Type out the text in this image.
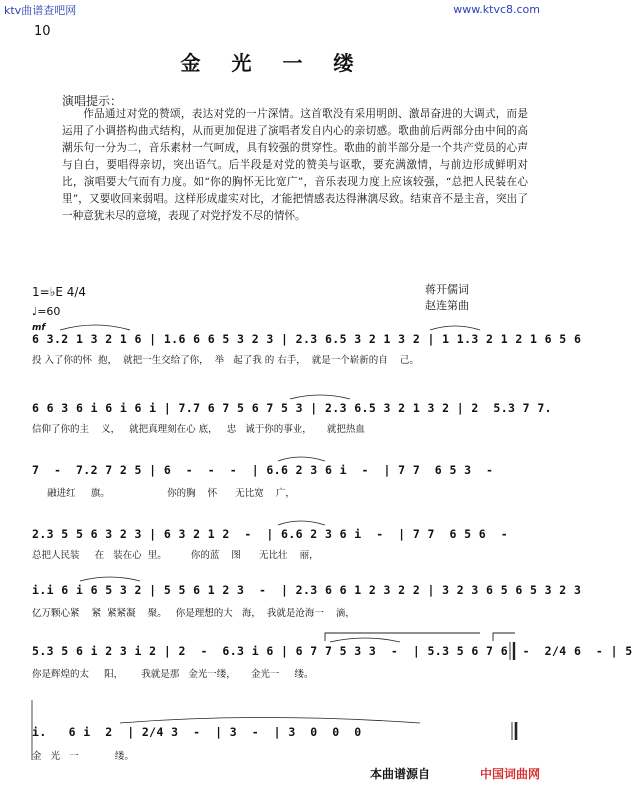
ktv曲谱查吧网	www.ktvc8.com
10
金 光 一 缕
演唱提示：
作品通过对党的赞颂，表达对党的一片深情。这首歌没有采用明朗、激昂奋进的大调式，而是运用了小调搭构曲式结构，从而更加促进了演唱者发自内心的亲切感。歌曲前后两部分由中间的高潮乐句一分为二，音乐素材一气呵成，具有较强的贯穿性。歌曲的前半部分是一个共产党员的心声与自白，要唱得亲切，突出语气。后半段是对党的赞美与讴歌，要充满激情，与前边形成鲜明对比，演唱要大气而有力度。如“你的胸怀无比宽广”，音乐表现力度上应该较强，“总把人民装在心里”，又要收回来弱唱。这样形成虚实对比，才能把情感表达得淋漓尽致。结束音不是主音，突出了一种意犹未尽的意境，表现了对党抒发不尽的情怀。
蒋开儒词
赵连第曲
1=♭E 4/4
♩=60
mf
6 3.2 1 3 2 1 6 | 1.6 6 6 5 3 2 3 | 2.3 6.5 3 2 1 3 2 | 1 1.3 2 1 2 1 6 5 6
投 入了你的怀  抱，  就把一生交给了你，  举   起了我 的 右手，  就是一个崭新的自    己。
6 6 3 6 i 6 i 6 i | 7.7 6 7 5 6 7 5 3 | 2.3 6.5 3 2 1 3 2 | 2  5.3 7 7.
信仰了你的主    义，   就把真理刻在心 底，   忠   诚于你的事业，     就把热血
7  -  7.2 7 2 5 | 6  -  -  -  | 6.6 2 3 6 i  -  | 7 7  6 5 3  -
融进红     旗。                   你的胸    怀      无比宽    广，
2.3 5 5 6 3 2 3 | 6 3 2 1 2  -  | 6.6 2 3 6 i  -  | 7 7  6 5 6  -
总把人民装     在   装在心  里。        你的蓝    图      无比壮    丽，
i.i 6 i 6 5 3 2 | 5 5 6 1 2 3  -  | 2.3 6 6 1 2 3 2 2 | 3 2 3 6 5 6 5 3 2 3
亿万颗心紧    紧  紧紧凝    聚。   你是理想的大   海，  我就是沧海一    滴，
5.3 5 6 i 2 3 i 2 | 2  -  6.3 i 6 | 6 7 7 5 3 3  -  | 5.3 5 6 7 6  -  2/4 6  - | 5
你是辉煌的太     阳，      我就是那   金光一缕，     金光一     缕。
i.   6 i  2  | 2/4 3  -  | 3  -  | 3  0  0  0
金   光   一            缕。
本曲谱源自	中国词曲网
